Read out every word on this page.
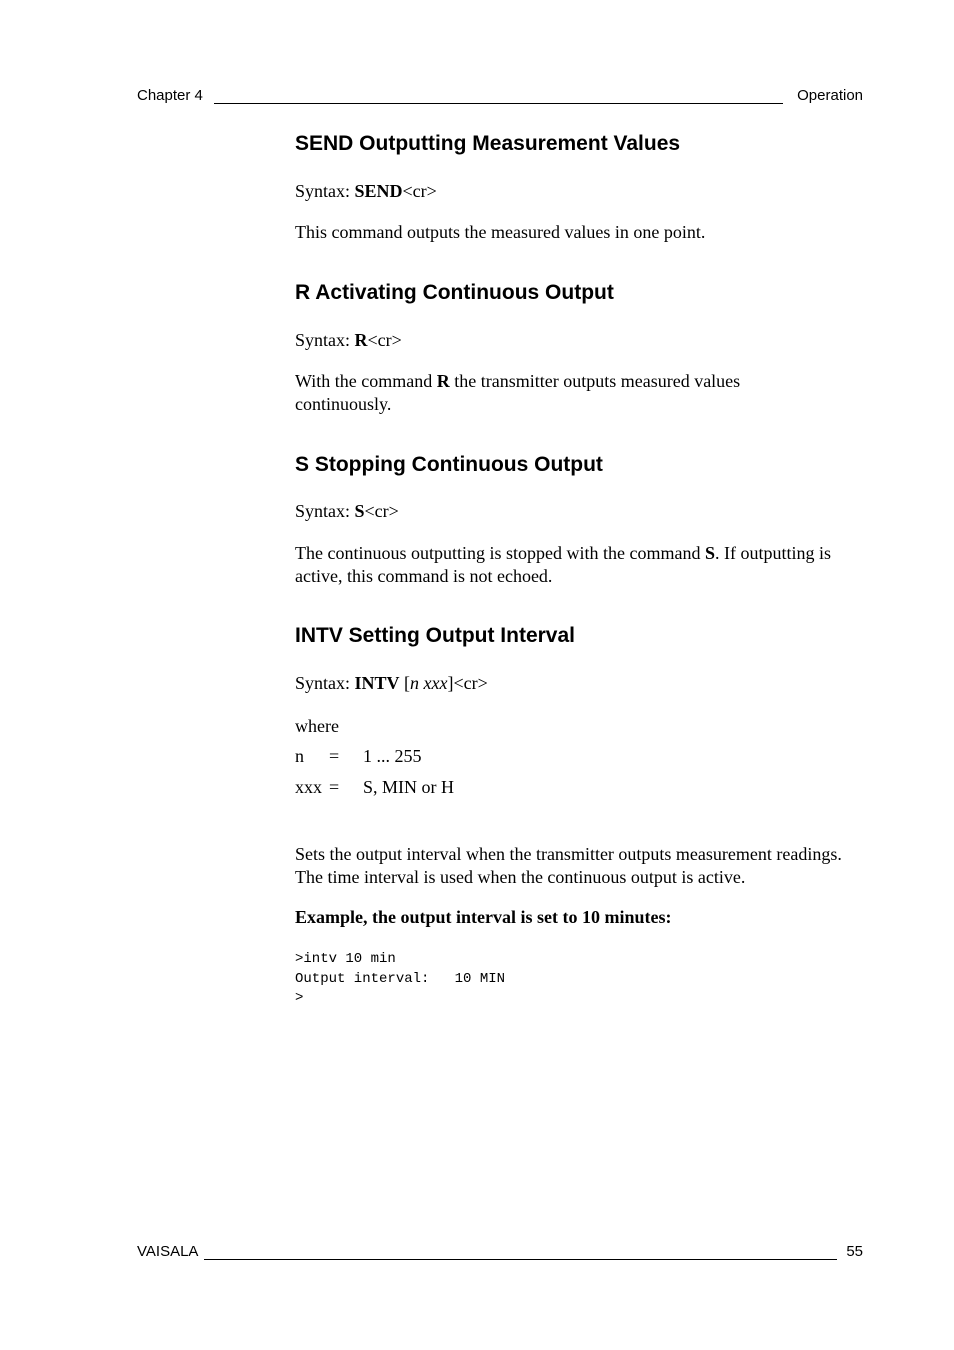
Chapter 4	Operation
SEND Outputting Measurement Values
Syntax: SEND<cr>
This command outputs the measured values in one point.
R Activating Continuous Output
Syntax: R<cr>
With the command R the transmitter outputs measured values continuously.
S Stopping Continuous Output
Syntax: S<cr>
The continuous outputting is stopped with the command S. If outputting is active, this command is not echoed.
INTV Setting Output Interval
Syntax: INTV [n xxx]<cr>
where
n = 1 ... 255
xxx = S, MIN or H
Sets the output interval when the transmitter outputs measurement readings. The time interval is used when the continuous output is active.
Example, the output interval is set to 10 minutes:
>intv 10 min
Output interval:   10 MIN
>
VAISALA	55
